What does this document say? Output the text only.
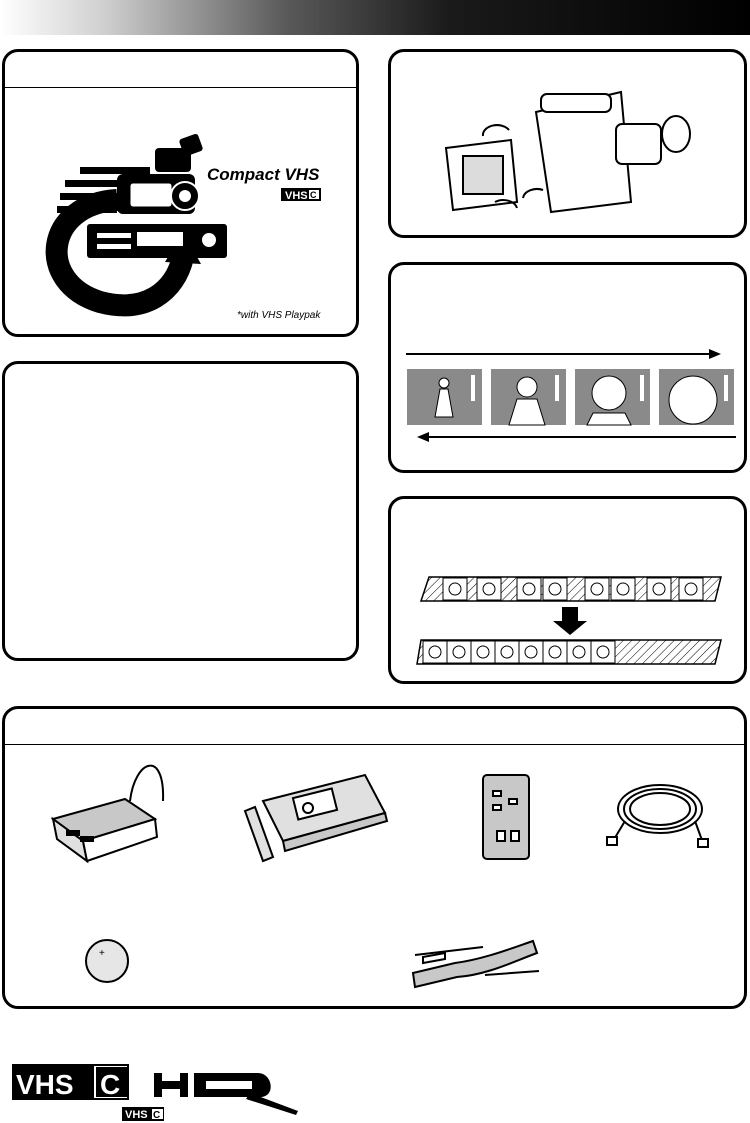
Compact VHS
VHS C
*with VHS Playpak
+
VHS C
VHS C
